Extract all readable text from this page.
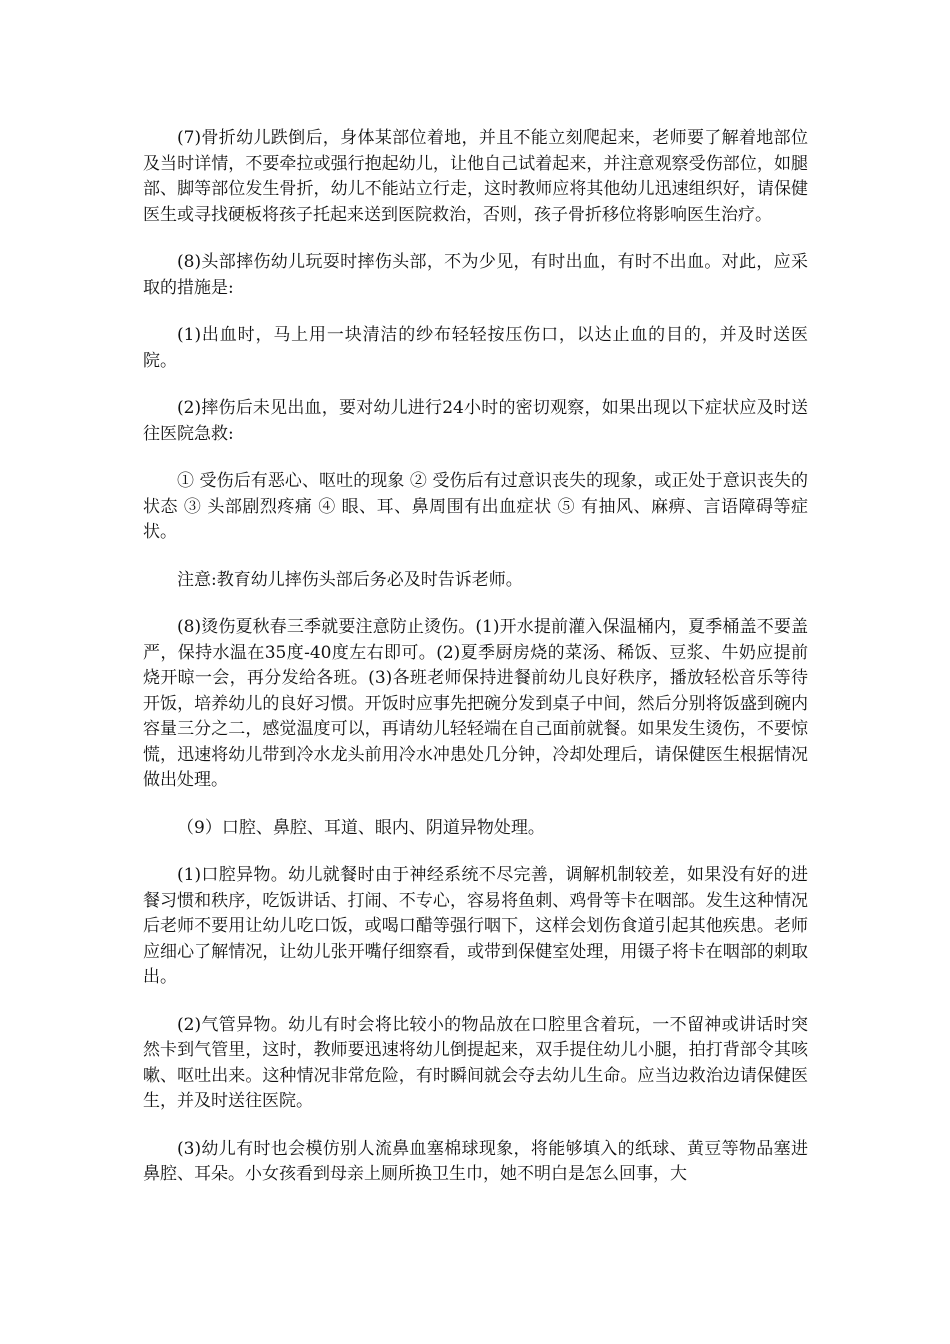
(7)骨折幼儿跌倒后，身体某部位着地，并且不能立刻爬起来，老师要了解着地部位及当时详情，不要牵拉或强行抱起幼儿，让他自己试着起来，并注意观察受伤部位，如腿部、脚等部位发生骨折，幼儿不能站立行走，这时教师应将其他幼儿迅速组织好，请保健医生或寻找硬板将孩子托起来送到医院救治，否则，孩子骨折移位将影响医生治疗。

(8)头部摔伤幼儿玩耍时摔伤头部，不为少见，有时出血，有时不出血。对此，应采取的措施是:

(1)出血时，马上用一块清洁的纱布轻轻按压伤口，以达止血的目的，并及时送医院。

(2)摔伤后未见出血，要对幼儿进行24小时的密切观察，如果出现以下症状应及时送往医院急救:

① 受伤后有恶心、呕吐的现象 ② 受伤后有过意识丧失的现象，或正处于意识丧失的状态 ③ 头部剧烈疼痛 ④ 眼、耳、鼻周围有出血症状 ⑤ 有抽风、麻痹、言语障碍等症状。

注意:教育幼儿摔伤头部后务必及时告诉老师。

(8)烫伤夏秋春三季就要注意防止烫伤。(1)开水提前灌入保温桶内，夏季桶盖不要盖严，保持水温在35度-40度左右即可。(2)夏季厨房烧的菜汤、稀饭、豆浆、牛奶应提前烧开晾一会，再分发给各班。(3)各班老师保持进餐前幼儿良好秩序，播放轻松音乐等待开饭，培养幼儿的良好习惯。开饭时应事先把碗分发到桌子中间，然后分别将饭盛到碗内容量三分之二，感觉温度可以，再请幼儿轻轻端在自己面前就餐。如果发生烫伤，不要惊慌，迅速将幼儿带到冷水龙头前用冷水冲患处几分钟，冷却处理后，请保健医生根据情况做出处理。

（9）口腔、鼻腔、耳道、眼内、阴道异物处理。

(1)口腔异物。幼儿就餐时由于神经系统不尽完善，调解机制较差，如果没有好的进餐习惯和秩序，吃饭讲话、打闹、不专心，容易将鱼刺、鸡骨等卡在咽部。发生这种情况后老师不要用让幼儿吃口饭，或喝口醋等强行咽下，这样会划伤食道引起其他疾患。老师应细心了解情况，让幼儿张开嘴仔细察看，或带到保健室处理，用镊子将卡在咽部的刺取出。

(2)气管异物。幼儿有时会将比较小的物品放在口腔里含着玩，一不留神或讲话时突然卡到气管里，这时，教师要迅速将幼儿倒提起来，双手提住幼儿小腿，拍打背部令其咳嗽、呕吐出来。这种情况非常危险，有时瞬间就会夺去幼儿生命。应当边救治边请保健医生，并及时送往医院。

(3)幼儿有时也会模仿别人流鼻血塞棉球现象，将能够填入的纸球、黄豆等物品塞进鼻腔、耳朵。小女孩看到母亲上厕所换卫生巾，她不明白是怎么回事，大
